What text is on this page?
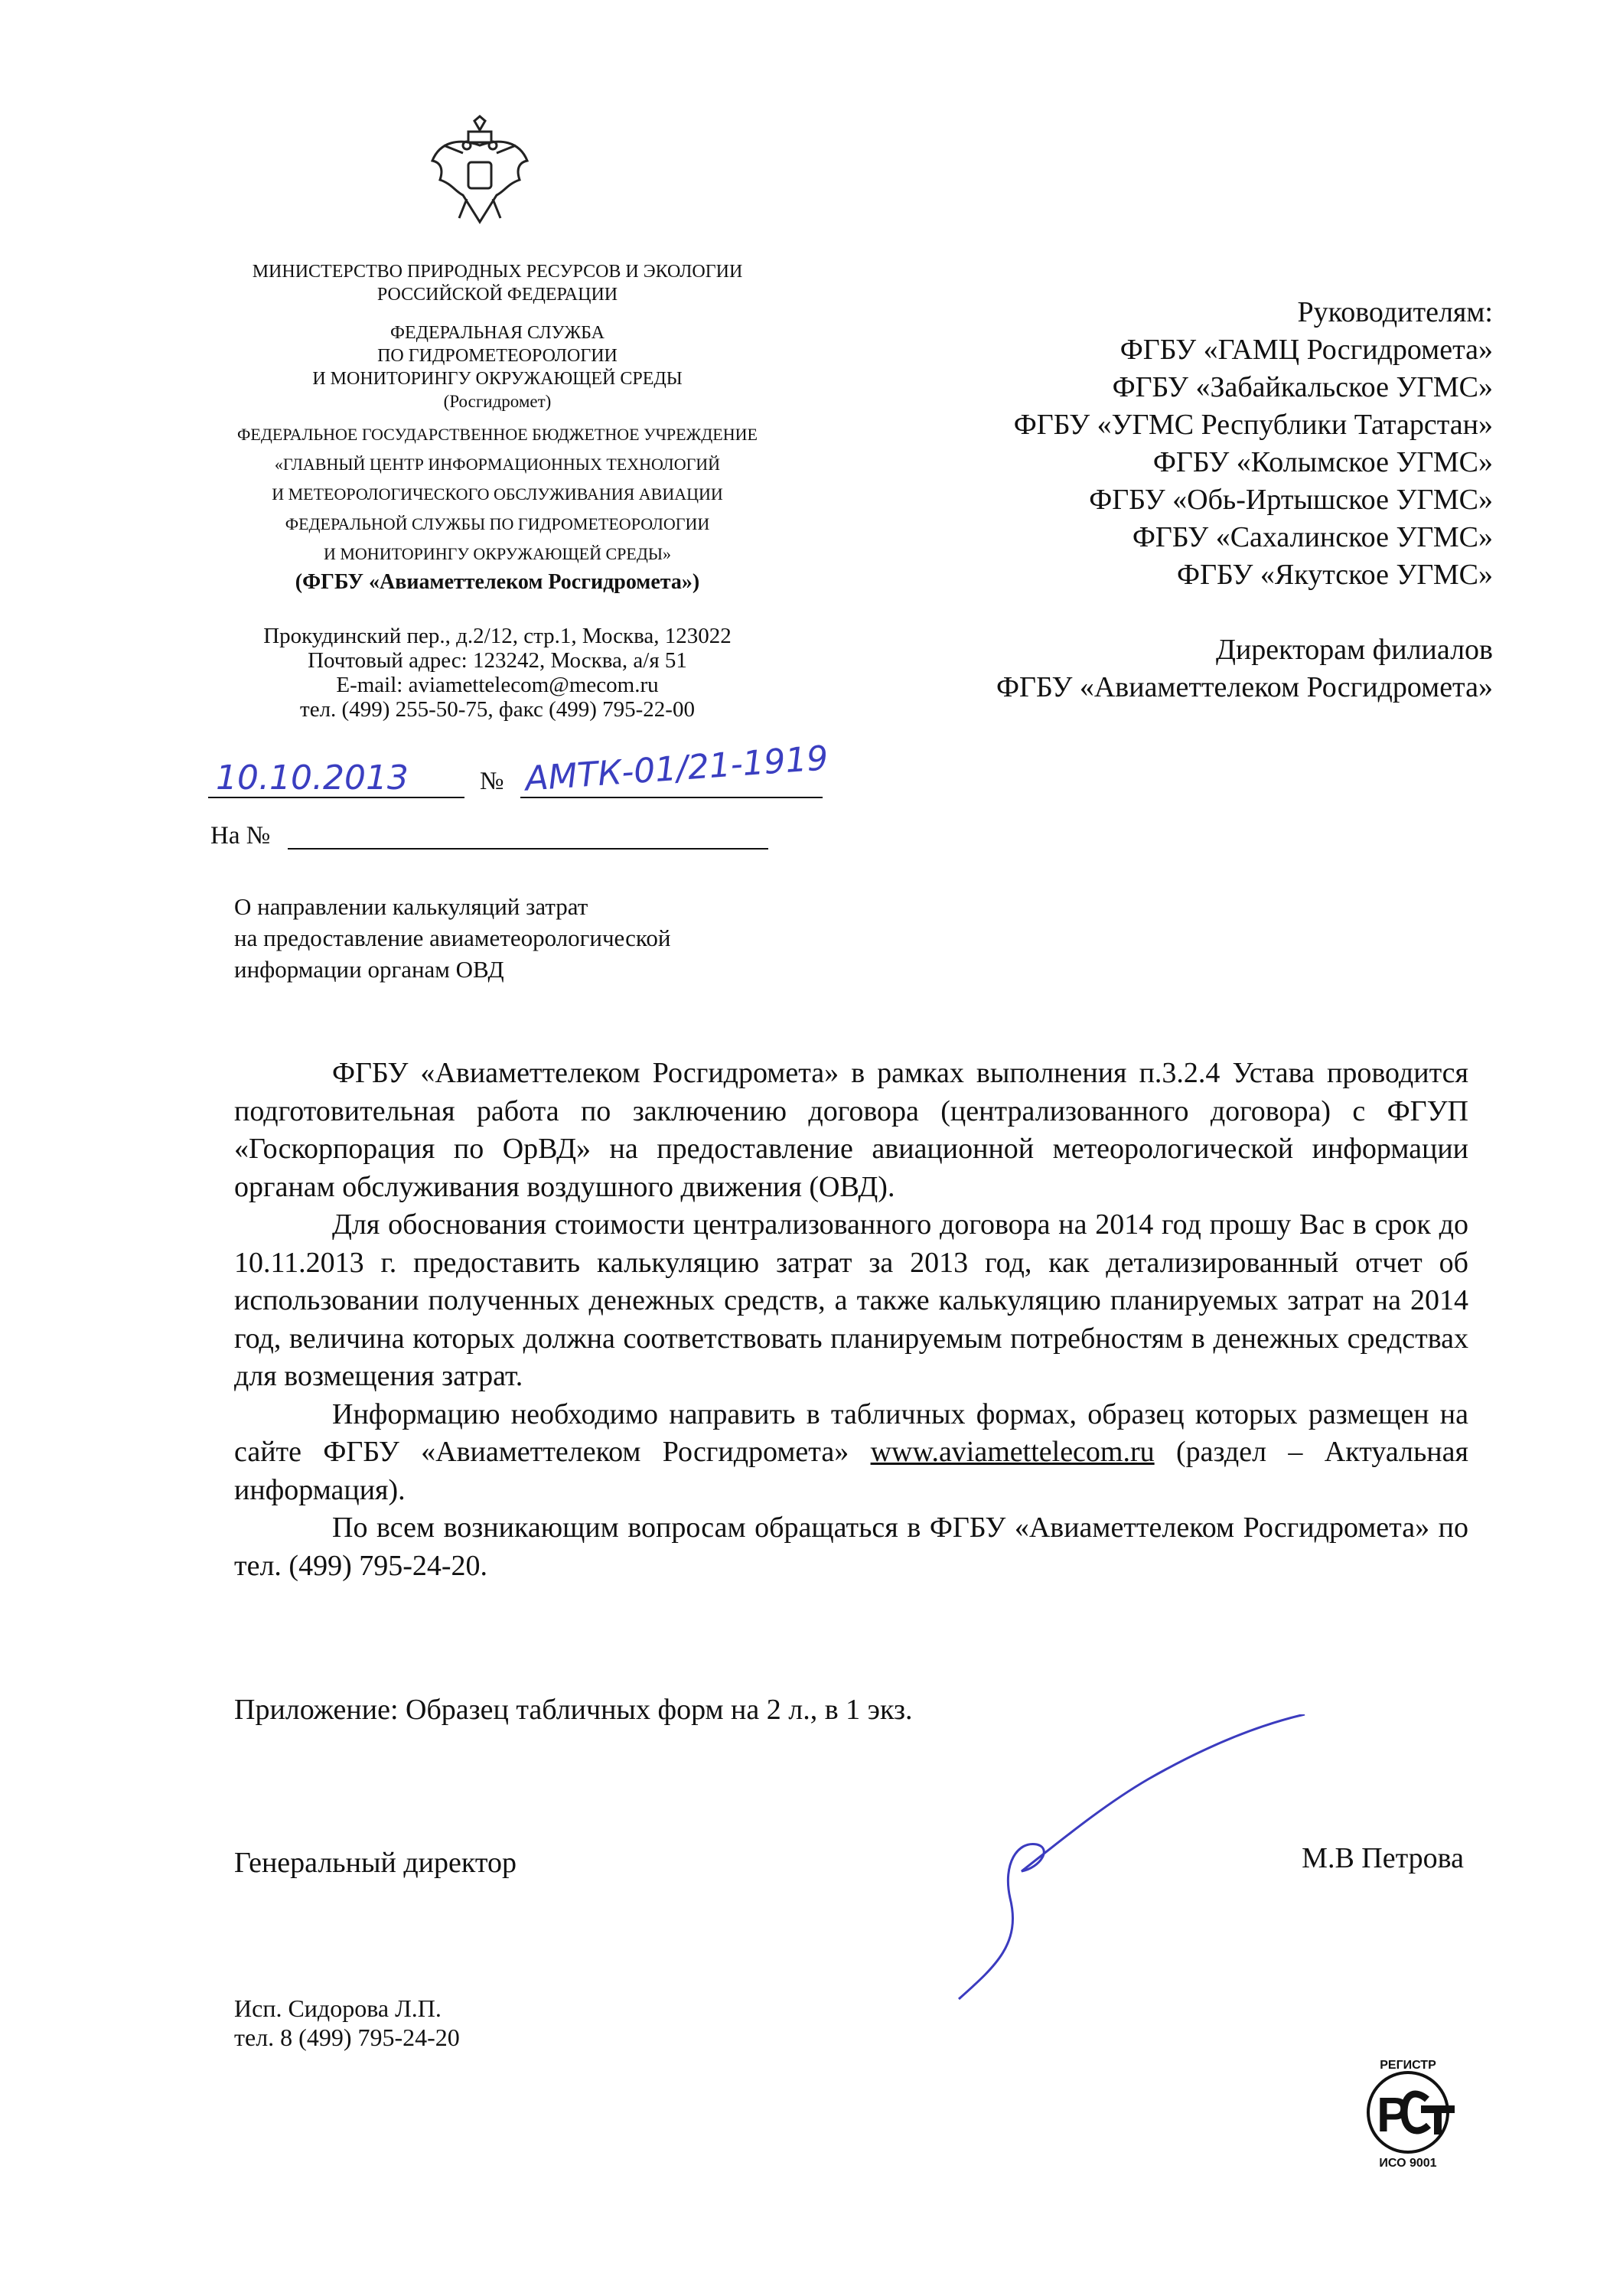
МИНИСТЕРСТВО ПРИРОДНЫХ РЕСУРСОВ И ЭКОЛОГИИ
РОССИЙСКОЙ ФЕДЕРАЦИИ
ФЕДЕРАЛЬНАЯ СЛУЖБА
ПО ГИДРОМЕТЕОРОЛОГИИ
И МОНИТОРИНГУ ОКРУЖАЮЩЕЙ СРЕДЫ
(Росгидромет)
ФЕДЕРАЛЬНОЕ ГОСУДАРСТВЕННОЕ БЮДЖЕТНОЕ УЧРЕЖДЕНИЕ
«ГЛАВНЫЙ ЦЕНТР ИНФОРМАЦИОННЫХ ТЕХНОЛОГИЙ
И МЕТЕОРОЛОГИЧЕСКОГО ОБСЛУЖИВАНИЯ АВИАЦИИ
ФЕДЕРАЛЬНОЙ СЛУЖБЫ ПО ГИДРОМЕТЕОРОЛОГИИ
И МОНИТОРИНГУ ОКРУЖАЮЩЕЙ СРЕДЫ»
(ФГБУ «Авиаметтелеком Росгидромета»)
Прокудинский пер., д.2/12, стр.1, Москва, 123022
Почтовый адрес: 123242, Москва, а/я 51
E-mail: aviamettelecom@mecom.ru
тел. (499) 255-50-75, факс (499) 795-22-00
10.10.2013	№ АМТК-01/21-1919
На №
О направлении калькуляций затрат
на предоставление авиаметеорологической
информации органам ОВД
Руководителям:
ФГБУ «ГАМЦ Росгидромета»
ФГБУ «Забайкальское УГМС»
ФГБУ «УГМС Республики Татарстан»
ФГБУ «Колымское УГМС»
ФГБУ «Обь-Иртышское УГМС»
ФГБУ «Сахалинское УГМС»
ФГБУ «Якутское УГМС»
Директорам филиалов
ФГБУ «Авиаметтелеком Росгидромета»

ФГБУ «Авиаметтелеком Росгидромета» в рамках выполнения п.3.2.4 Устава проводится подготовительная работа по заключению договора (централизованного договора) с ФГУП «Госкорпорация по ОрВД» на предоставление авиационной метеорологической информации органам обслуживания воздушного движения (ОВД).

Для обоснования стоимости централизованного договора на 2014 год прошу Вас в срок до 10.11.2013 г. предоставить калькуляцию затрат за 2013 год, как детализированный отчет об использовании полученных денежных средств, а также калькуляцию планируемых затрат на 2014 год, величина которых должна соответствовать планируемым потребностям в денежных средствах для возмещения затрат.

Информацию необходимо направить в табличных формах, образец которых размещен на сайте ФГБУ «Авиаметтелеком Росгидромета» www.aviamettelecom.ru (раздел – Актуальная информация).

По всем возникающим вопросам обращаться в ФГБУ «Авиаметтелеком Росгидромета» по тел. (499) 795-24-20.

Приложение: Образец табличных форм на 2 л., в 1 экз.
Генеральный директор	М.В Петрова
Исп. Сидорова Л.П.
тел. 8 (499) 795-24-20
РЕГИСТР
Р
ИСО 9001
